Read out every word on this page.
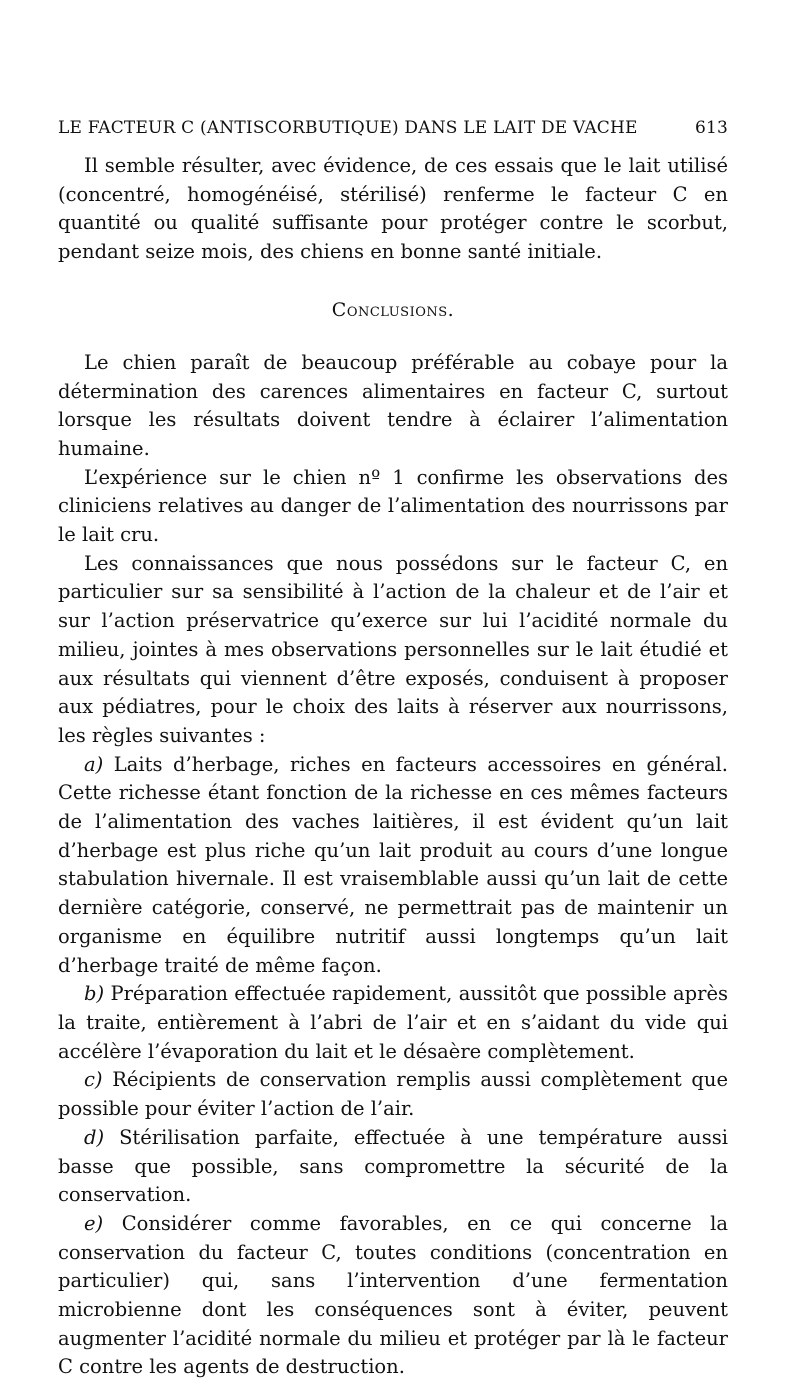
LE FACTEUR C (ANTISCORBUTIQUE) DANS LE LAIT DE VACHE	613

Il semble résulter, avec évidence, de ces essais que le lait utilisé (concentré, homogénéisé, stérilisé) renferme le facteur C en quantité ou qualité suffisante pour protéger contre le scorbut, pendant seize mois, des chiens en bonne santé initiale.

Conclusions.

Le chien paraît de beaucoup préférable au cobaye pour la détermination des carences alimentaires en facteur C, surtout lorsque les résultats doivent tendre à éclairer l’alimentation humaine.

L’expérience sur le chien nº 1 confirme les observations des cliniciens relatives au danger de l’alimentation des nourrissons par le lait cru.

Les connaissances que nous possédons sur le facteur C, en particulier sur sa sensibilité à l’action de la chaleur et de l’air et sur l’action préservatrice qu’exerce sur lui l’acidité normale du milieu, jointes à mes observations personnelles sur le lait étudié et aux résultats qui viennent d’être exposés, conduisent à proposer aux pédiatres, pour le choix des laits à réserver aux nourrissons, les règles suivantes :

a) Laits d’herbage, riches en facteurs accessoires en général. Cette richesse étant fonction de la richesse en ces mêmes facteurs de l’alimentation des vaches laitières, il est évident qu’un lait d’herbage est plus riche qu’un lait produit au cours d’une longue stabulation hivernale. Il est vraisemblable aussi qu’un lait de cette dernière catégorie, conservé, ne permettrait pas de maintenir un organisme en équilibre nutritif aussi longtemps qu’un lait d’herbage traité de même façon.

b) Préparation effectuée rapidement, aussitôt que possible après la traite, entièrement à l’abri de l’air et en s’aidant du vide qui accélère l’évaporation du lait et le désaère complètement.

c) Récipients de conservation remplis aussi complètement que possible pour éviter l’action de l’air.

d) Stérilisation parfaite, effectuée à une température aussi basse que possible, sans compromettre la sécurité de la conservation.

e) Considérer comme favorables, en ce qui concerne la conservation du facteur C, toutes conditions (concentration en particulier) qui, sans l’intervention d’une fermentation microbienne dont les conséquences sont à éviter, peuvent augmenter l’acidité normale du milieu et protéger par là le facteur C contre les agents de destruction.
